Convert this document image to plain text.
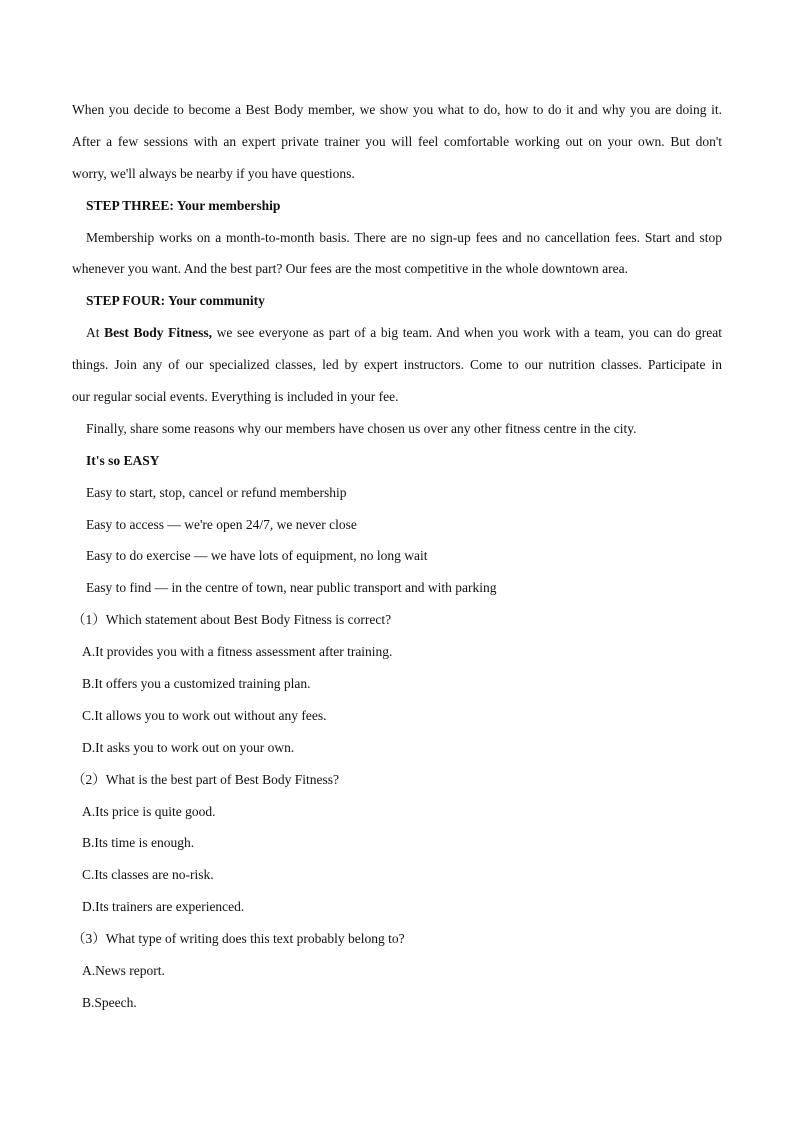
When you decide to become a Best Body member, we show you what to do, how to do it and why you are doing it.
After a few sessions with an expert private trainer you will feel comfortable working out on your own. But don't
worry, we'll always be nearby if you have questions.
STEP THREE: Your membership
Membership works on a month-to-month basis. There are no sign-up fees and no cancellation fees. Start and stop
whenever you want. And the best part? Our fees are the most competitive in the whole downtown area.
STEP FOUR: Your community
At Best Body Fitness, we see everyone as part of a big team. And when you work with a team, you can do great
things. Join any of our specialized classes, led by expert instructors. Come to our nutrition classes. Participate in
our regular social events. Everything is included in your fee.
Finally, share some reasons why our members have chosen us over any other fitness centre in the city.
It's so EASY
Easy to start, stop, cancel or refund membership
Easy to access — we're open 24/7, we never close
Easy to do exercise — we have lots of equipment, no long wait
Easy to find — in the centre of town, near public transport and with parking
（1）Which statement about Best Body Fitness is correct?
A.It provides you with a fitness assessment after training.
B.It offers you a customized training plan.
C.It allows you to work out without any fees.
D.It asks you to work out on your own.
（2）What is the best part of Best Body Fitness?
A.Its price is quite good.
B.Its time is enough.
C.Its classes are no-risk.
D.Its trainers are experienced.
（3）What type of writing does this text probably belong to?
A.News report.
B.Speech.
